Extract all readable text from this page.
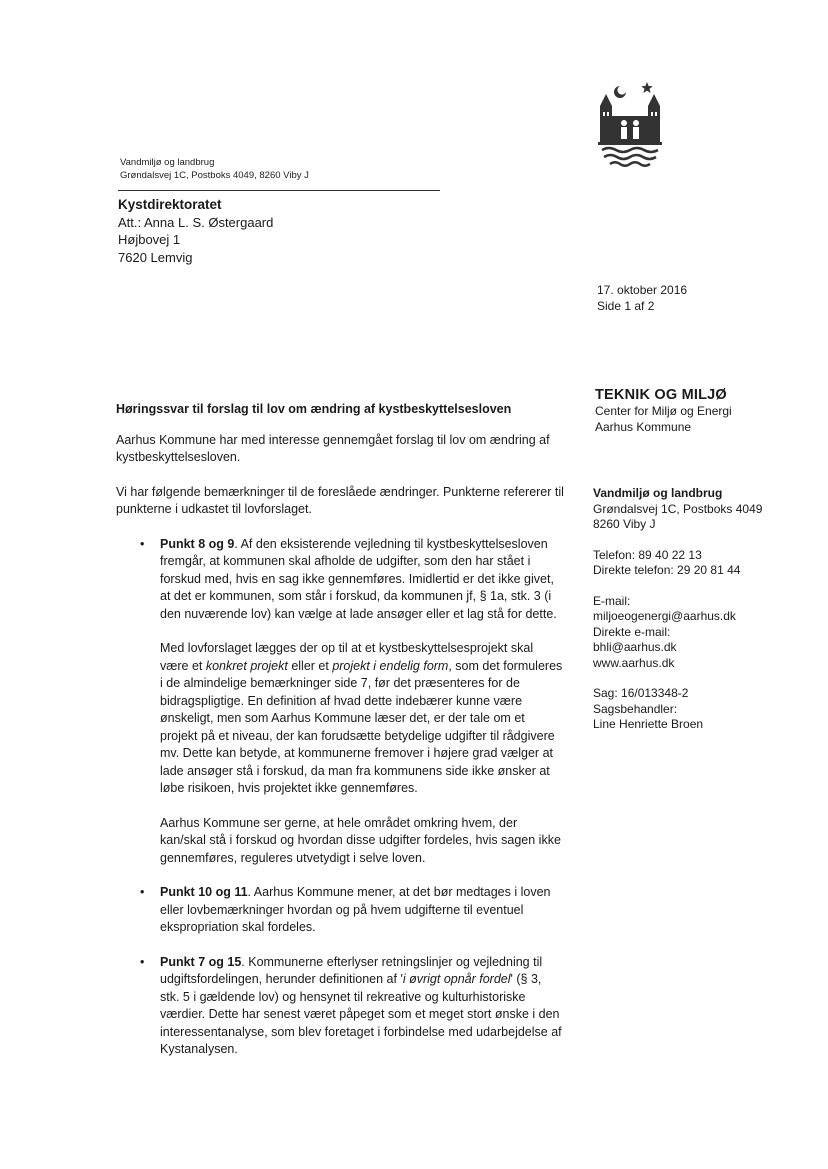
Vandmiljø og landbrug
Grøndalsvej 1C, Postboks 4049, 8260 Viby J
Kystdirektoratet
Att.: Anna L. S. Østergaard
Højbovej 1
7620 Lemvig
17. oktober 2016
Side 1 af 2
TEKNIK OG MILJØ
Center for Miljø og Energi
Aarhus Kommune
Vandmiljø og landbrug
Grøndalsvej 1C, Postboks 4049
8260 Viby J
Telefon: 89 40 22 13
Direkte telefon: 29 20 81 44
E-mail:
miljoeogenergi@aarhus.dk
Direkte e-mail:
bhli@aarhus.dk
www.aarhus.dk
Sag: 16/013348-2
Sagsbehandler:
Line Henriette Broen

Høringssvar til forslag til lov om ændring af kystbeskyttelsesloven

Aarhus Kommune har med interesse gennemgået forslag til lov om ændring af kystbeskyttelsesloven.

Vi har følgende bemærkninger til de foreslåede ændringer. Punkterne refererer til punkterne i udkastet til lovforslaget.

•	Punkt 8 og 9. Af den eksisterende vejledning til kystbeskyttelsesloven fremgår, at kommunen skal afholde de udgifter, som den har stået i forskud med, hvis en sag ikke gennemføres. Imidlertid er det ikke givet, at det er kommunen, som står i forskud, da kommunen jf, § 1a, stk. 3 (i den nuværende lov) kan vælge at lade ansøger eller et lag stå for dette.

Med lovforslaget lægges der op til at et kystbeskyttelsesprojekt skal være et konkret projekt eller et projekt i endelig form, som det formuleres i de almindelige bemærkninger side 7, før det præsenteres for de bidragspligtige. En definition af hvad dette indebærer kunne være ønskeligt, men som Aarhus Kommune læser det, er der tale om et projekt på et niveau, der kan forudsætte betydelige udgifter til rådgivere mv. Dette kan betyde, at kommunerne fremover i højere grad vælger at lade ansøger stå i forskud, da man fra kommunens side ikke ønsker at løbe risikoen, hvis projektet ikke gennemføres.

Aarhus Kommune ser gerne, at hele området omkring hvem, der kan/skal stå i forskud og hvordan disse udgifter fordeles, hvis sagen ikke gennemføres, reguleres utvetydigt i selve loven.

•	Punkt 10 og 11. Aarhus Kommune mener, at det bør medtages i loven eller lovbemærkninger hvordan og på hvem udgifterne til eventuel ekspropriation skal fordeles.

•	Punkt 7 og 15. Kommunerne efterlyser retningslinjer og vejledning til udgiftsfordelingen, herunder definitionen af 'i øvrigt opnår fordel' (§ 3, stk. 5 i gældende lov) og hensynet til rekreative og kulturhistoriske værdier. Dette har senest været påpeget som et meget stort ønske i den interessentanalyse, som blev foretaget i forbindelse med udarbejdelse af Kystanalysen.
